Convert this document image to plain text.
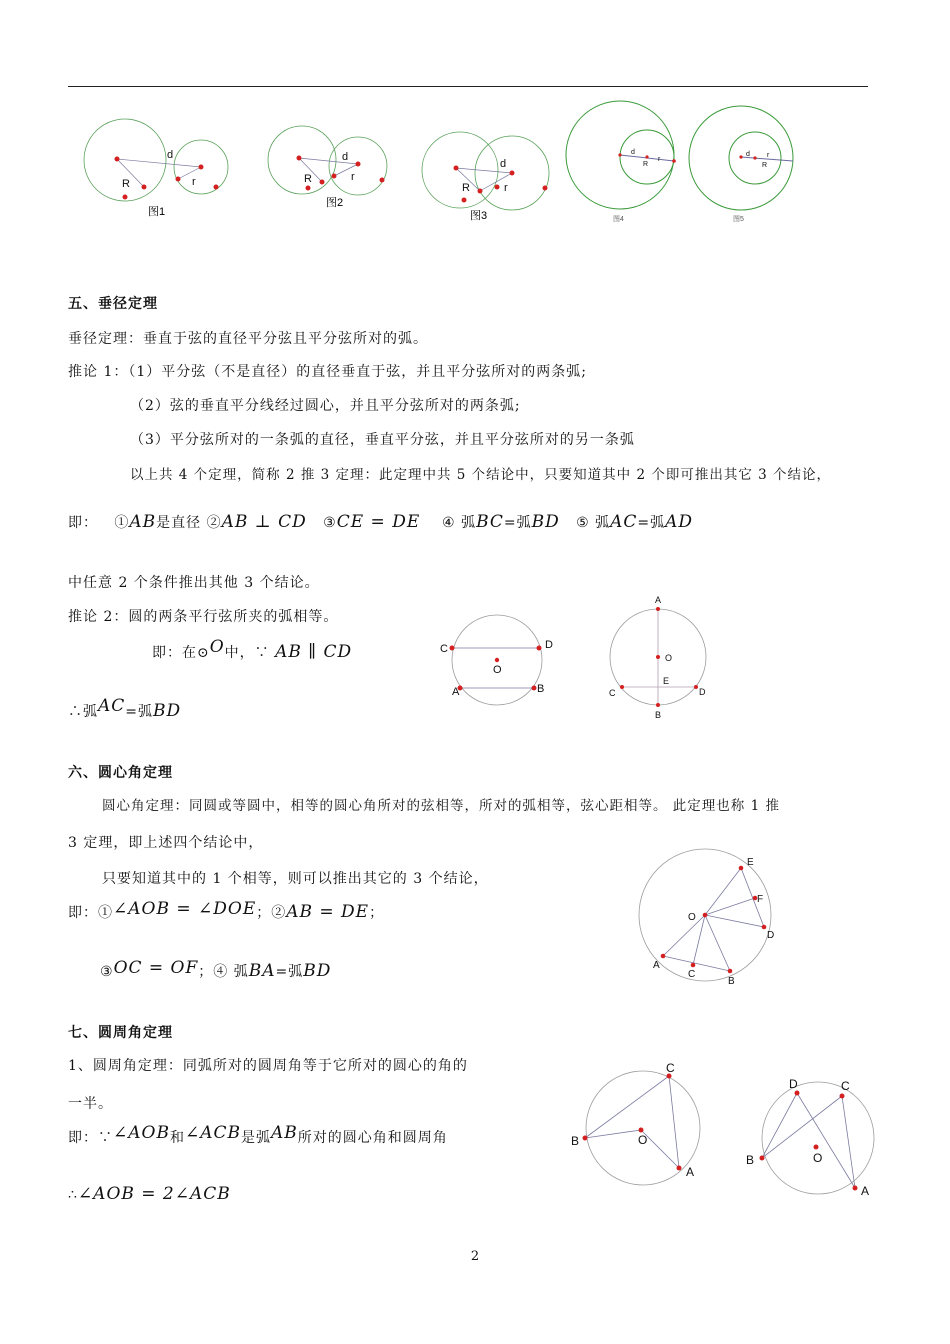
d
R	r
图1
d
R	r
图2
d
R	r
图3
d
r
R
图4
d r
R
图5
五、垂径定理
垂径定理：垂直于弦的直径平分弦且平分弦所对的弧。
推论 1：（1）平分弦（不是直径）的直径垂直于弦，并且平分弦所对的两条弧;
（2）弦的垂直平分线经过圆心，并且平分弦所对的两条弧;
（3）平分弦所对的一条弧的直径，垂直平分弦，并且平分弦所对的另一条弧
以上共 4 个定理，简称 2 推 3 定理：此定理中共 5 个结论中，只要知道其中 2 个即可推出其它 3 个结论，
即： ①AB是直径 ②AB ⊥ CD ③CE = DE ④ 弧BC=弧BD ⑤ 弧AC=弧AD
中任意 2 个条件推出其他 3 个结论。
推论 2：圆的两条平行弦所夹的弧相等。
即：在⊙O中，∵ AB ∥ CD
∴弧AC=弧BD
C	D
O
A	B
A
O
E
C	D
B
六、圆心角定理
圆心角定理：同圆或等圆中，相等的圆心角所对的弦相等，所对的弧相等，弦心距相等。 此定理也称 1 推
3 定理，即上述四个结论中，
只要知道其中的 1 个相等，则可以推出其它的 3 个结论，
即：①∠AOB = ∠DOE；②AB = DE；
③OC = OF；④ 弧BA=弧BD
E
F
O
D
A
C
B
七、圆周角定理
1、圆周角定理：同弧所对的圆周角等于它所对的圆心的角的
一半。
即：∵∠AOB和∠ACB是弧AB所对的圆心角和圆周角
∴∠AOB = 2∠ACB
C
B	O
A
D	C
B	O
A
2
